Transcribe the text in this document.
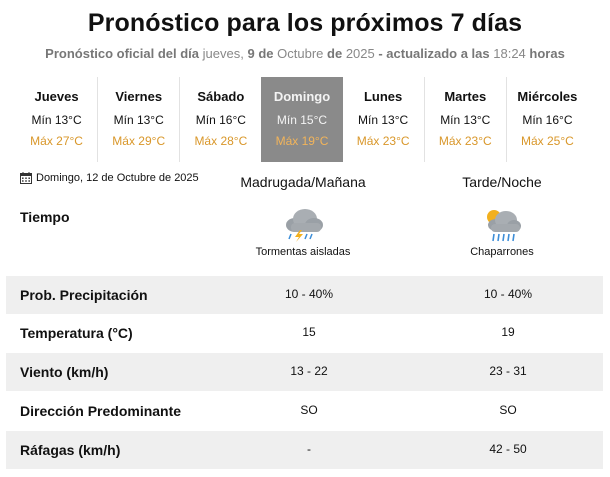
Pronóstico para los próximos 7 días
Pronóstico oficial del día jueves, 9 de Octubre de 2025 - actualizado a las 18:24 horas
Jueves
Mín 13°C
Máx 27°C
Viernes
Mín 13°C
Máx 29°C
Sábado
Mín 16°C
Máx 28°C
Domingo
Mín 15°C
Máx 19°C
Lunes
Mín 13°C
Máx 23°C
Martes
Mín 13°C
Máx 23°C
Miércoles
Mín 16°C
Máx 25°C
Domingo, 12 de Octubre de 2025	Madrugada/Mañana	Tarde/Noche
Tiempo
Tormentas aisladas	Chaparrones
Prob. Precipitación	10 - 40%	10 - 40%
Temperatura (°C)	15	19
Viento (km/h)	13 - 22	23 - 31
Dirección Predominante	SO	SO
Ráfagas (km/h)	-	42 - 50
